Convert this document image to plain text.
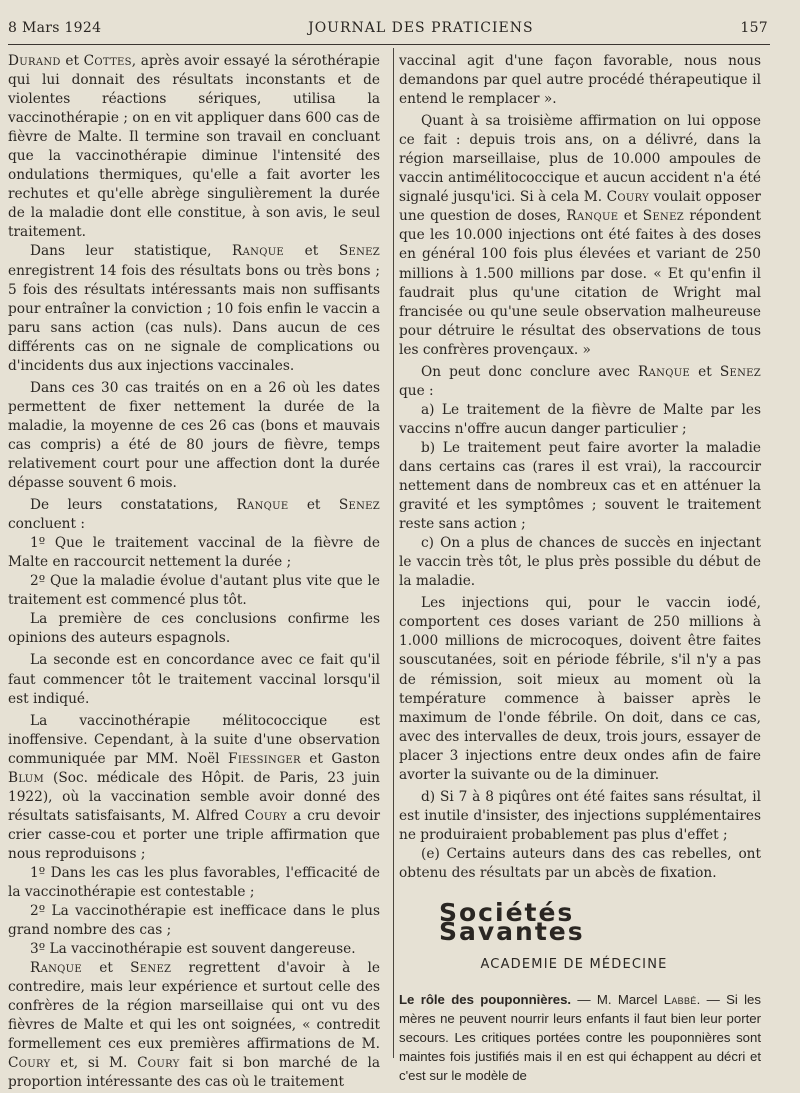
8 Mars 1924	JOURNAL DES PRATICIENS	157

Durand et Cottes, après avoir essayé la sérothérapie qui lui donnait des résultats inconstants et de violentes réactions sériques, utilisa la vaccinothérapie ; on en vit appliquer dans 600 cas de fièvre de Malte. Il termine son travail en concluant que la vaccinothérapie diminue l'intensité des ondulations thermiques, qu'elle a fait avorter les rechutes et qu'elle abrège singulièrement la durée de la maladie dont elle constitue, à son avis, le seul traitement.

Dans leur statistique, Ranque et Senez enregistrent 14 fois des résultats bons ou très bons ; 5 fois des résultats intéressants mais non suffisants pour entraîner la conviction ; 10 fois enfin le vaccin a paru sans action (cas nuls). Dans aucun de ces différents cas on ne signale de complications ou d'incidents dus aux injections vaccinales.

Dans ces 30 cas traités on en a 26 où les dates permettent de fixer nettement la durée de la maladie, la moyenne de ces 26 cas (bons et mauvais cas compris) a été de 80 jours de fièvre, temps relativement court pour une affection dont la durée dépasse souvent 6 mois.

De leurs constatations, Ranque et Senez concluent :

1º Que le traitement vaccinal de la fièvre de Malte en raccourcit nettement la durée ;

2º Que la maladie évolue d'autant plus vite que le traitement est commencé plus tôt.

La première de ces conclusions confirme les opinions des auteurs espagnols.

La seconde est en concordance avec ce fait qu'il faut commencer tôt le traitement vaccinal lorsqu'il est indiqué.

La vaccinothérapie mélitococcique est inoffensive. Cependant, à la suite d'une observation communiquée par MM. Noël Fiessinger et Gaston Blum (Soc. médicale des Hôpit. de Paris, 23 juin 1922), où la vaccination semble avoir donné des résultats satisfaisants, M. Alfred Coury a cru devoir crier casse-cou et porter une triple affirmation que nous reproduisons ;

1º Dans les cas les plus favorables, l'efficacité de la vaccinothérapie est contestable ;

2º La vaccinothérapie est inefficace dans le plus grand nombre des cas ;

3º La vaccinothérapie est souvent dangereuse.

Ranque et Senez regrettent d'avoir à le contredire, mais leur expérience et surtout celle des confrères de la région marseillaise qui ont vu des fièvres de Malte et qui les ont soignées, « contredit formellement ces eux premières affirmations de M. Coury et, si M. Coury fait si bon marché de la proportion intéressante des cas où le traitement

vaccinal agit d'une façon favorable, nous nous demandons par quel autre procédé thérapeutique il entend le remplacer ».

Quant à sa troisième affirmation on lui oppose ce fait : depuis trois ans, on a délivré, dans la région marseillaise, plus de 10.000 ampoules de vaccin antimélitococcique et aucun accident n'a été signalé jusqu'ici. Si à cela M. Coury voulait opposer une question de doses, Ranque et Senez répondent que les 10.000 injections ont été faites à des doses en général 100 fois plus élevées et variant de 250 millions à 1.500 millions par dose. « Et qu'enfin il faudrait plus qu'une citation de Wright mal francisée ou qu'une seule observation malheureuse pour détruire le résultat des observations de tous les confrères provençaux. »

On peut donc conclure avec Ranque et Senez que :

a) Le traitement de la fièvre de Malte par les vaccins n'offre aucun danger particulier ;

b) Le traitement peut faire avorter la maladie dans certains cas (rares il est vrai), la raccourcir nettement dans de nombreux cas et en atténuer la gravité et les symptômes ; souvent le traitement reste sans action ;

c) On a plus de chances de succès en injectant le vaccin très tôt, le plus près possible du début de la maladie.

Les injections qui, pour le vaccin iodé, comportent ces doses variant de 250 millions à 1.000 millions de microcoques, doivent être faites souscutanées, soit en période fébrile, s'il n'y a pas de rémission, soit mieux au moment où la température commence à baisser après le maximum de l'onde fébrile. On doit, dans ce cas, avec des intervalles de deux, trois jours, essayer de placer 3 injections entre deux ondes afin de faire avorter la suivante ou de la diminuer.

d) Si 7 à 8 piqûres ont été faites sans résultat, il est inutile d'insister, des injections supplémentaires ne produiraient probablement pas plus d'effet ;

(e) Certains auteurs dans des cas rebelles, ont obtenu des résultats par un abcès de fixation.

Sociétés Savantes
ACADEMIE DE MÉDECINE

Le rôle des pouponnières. — M. Marcel Labbé. — Si les mères ne peuvent nourrir leurs enfants il faut bien leur porter secours. Les critiques portées contre les pouponnières sont maintes fois justifiés mais il en est qui échappent au décri et c'est sur le modèle de
